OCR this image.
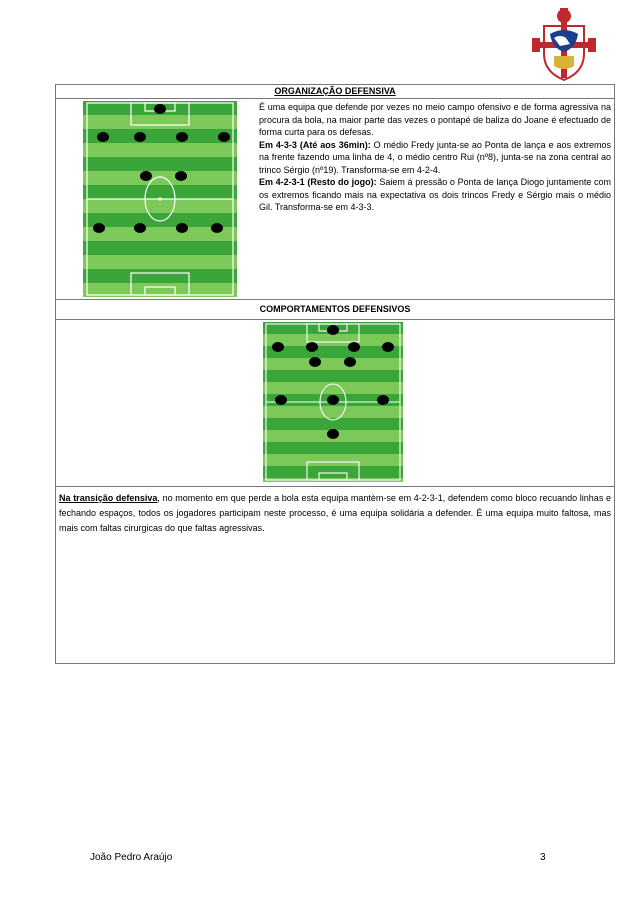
ORGANIZAÇÃO DEFENSIVA

É uma equipa que defende por vezes no meio campo ofensivo e de forma agressiva na procura da bola, na maior parte das vezes o pontapé de baliza do Joane é efectuado de forma curta para os defesas.

Em 4-3-3 (Até aos 36min): O médio Fredy junta-se ao Ponta de lança e aos extremos na frente fazendo uma linha de 4, o médio centro Rui (nº8), junta-se na zona central ao trinco Sérgio (nº19). Transforma-se em 4-2-4.

Em 4-2-3-1 (Resto do jogo): Saiem á pressão o Ponta de lança Diogo juntamente com os extremos ficando mais na expectativa os dois trincos Fredy e Sérgio mais o médio Gil. Transforma-se em 4-3-3.

COMPORTAMENTOS DEFENSIVOS

Na transição defensiva, no momento em que perde a bola esta equipa mantèm-se em 4-2-3-1, defendem como bloco recuando linhas e fechando espaços, todos os jogadores participam neste processo, é uma equipa solidária a defender. É uma equipa muito faltosa, mas mais com faltas cirurgicas do que faltas agressivas.
João Pedro Araújo	3
